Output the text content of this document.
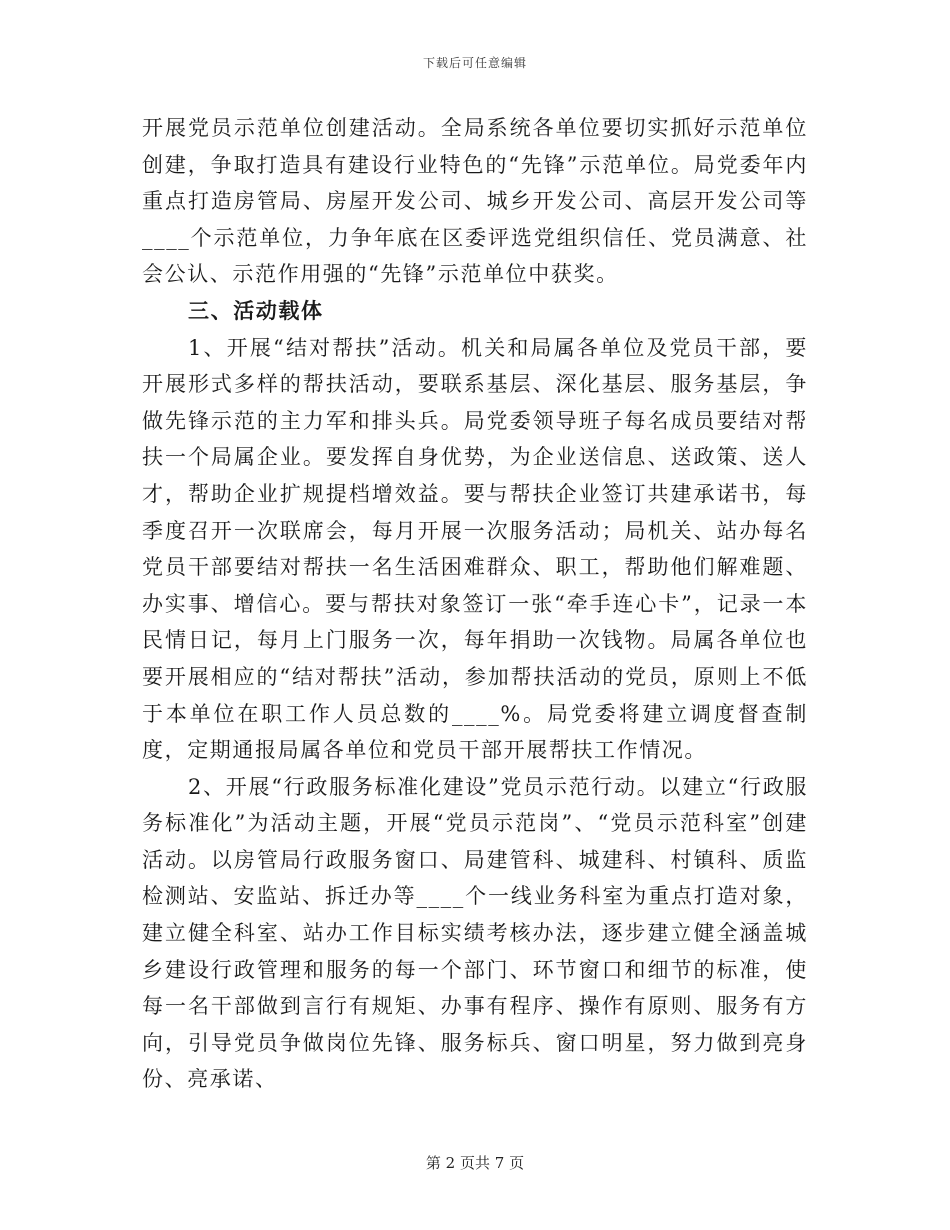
下载后可任意编辑

开展党员示范单位创建活动。全局系统各单位要切实抓好示范单位创建，争取打造具有建设行业特色的“先锋”示范单位。局党委年内重点打造房管局、房屋开发公司、城乡开发公司、高层开发公司等____个示范单位，力争年底在区委评选党组织信任、党员满意、社会公认、示范作用强的“先锋”示范单位中获奖。

三、活动载体

1、开展“结对帮扶”活动。机关和局属各单位及党员干部，要开展形式多样的帮扶活动，要联系基层、深化基层、服务基层，争做先锋示范的主力军和排头兵。局党委领导班子每名成员要结对帮扶一个局属企业。要发挥自身优势，为企业送信息、送政策、送人才，帮助企业扩规提档增效益。要与帮扶企业签订共建承诺书，每季度召开一次联席会，每月开展一次服务活动；局机关、站办每名党员干部要结对帮扶一名生活困难群众、职工，帮助他们解难题、办实事、增信心。要与帮扶对象签订一张“牵手连心卡”，记录一本民情日记，每月上门服务一次，每年捐助一次钱物。局属各单位也要开展相应的“结对帮扶”活动，参加帮扶活动的党员，原则上不低于本单位在职工作人员总数的____%。局党委将建立调度督查制度，定期通报局属各单位和党员干部开展帮扶工作情况。

2、开展“行政服务标准化建设”党员示范行动。以建立“行政服务标准化”为活动主题，开展“党员示范岗”、“党员示范科室”创建活动。以房管局行政服务窗口、局建管科、城建科、村镇科、质监检测站、安监站、拆迁办等____个一线业务科室为重点打造对象，建立健全科室、站办工作目标实绩考核办法，逐步建立健全涵盖城乡建设行政管理和服务的每一个部门、环节窗口和细节的标准，使每一名干部做到言行有规矩、办事有程序、操作有原则、服务有方向，引导党员争做岗位先锋、服务标兵、窗口明星，努力做到亮身份、亮承诺、

第 2 页共 7 页
